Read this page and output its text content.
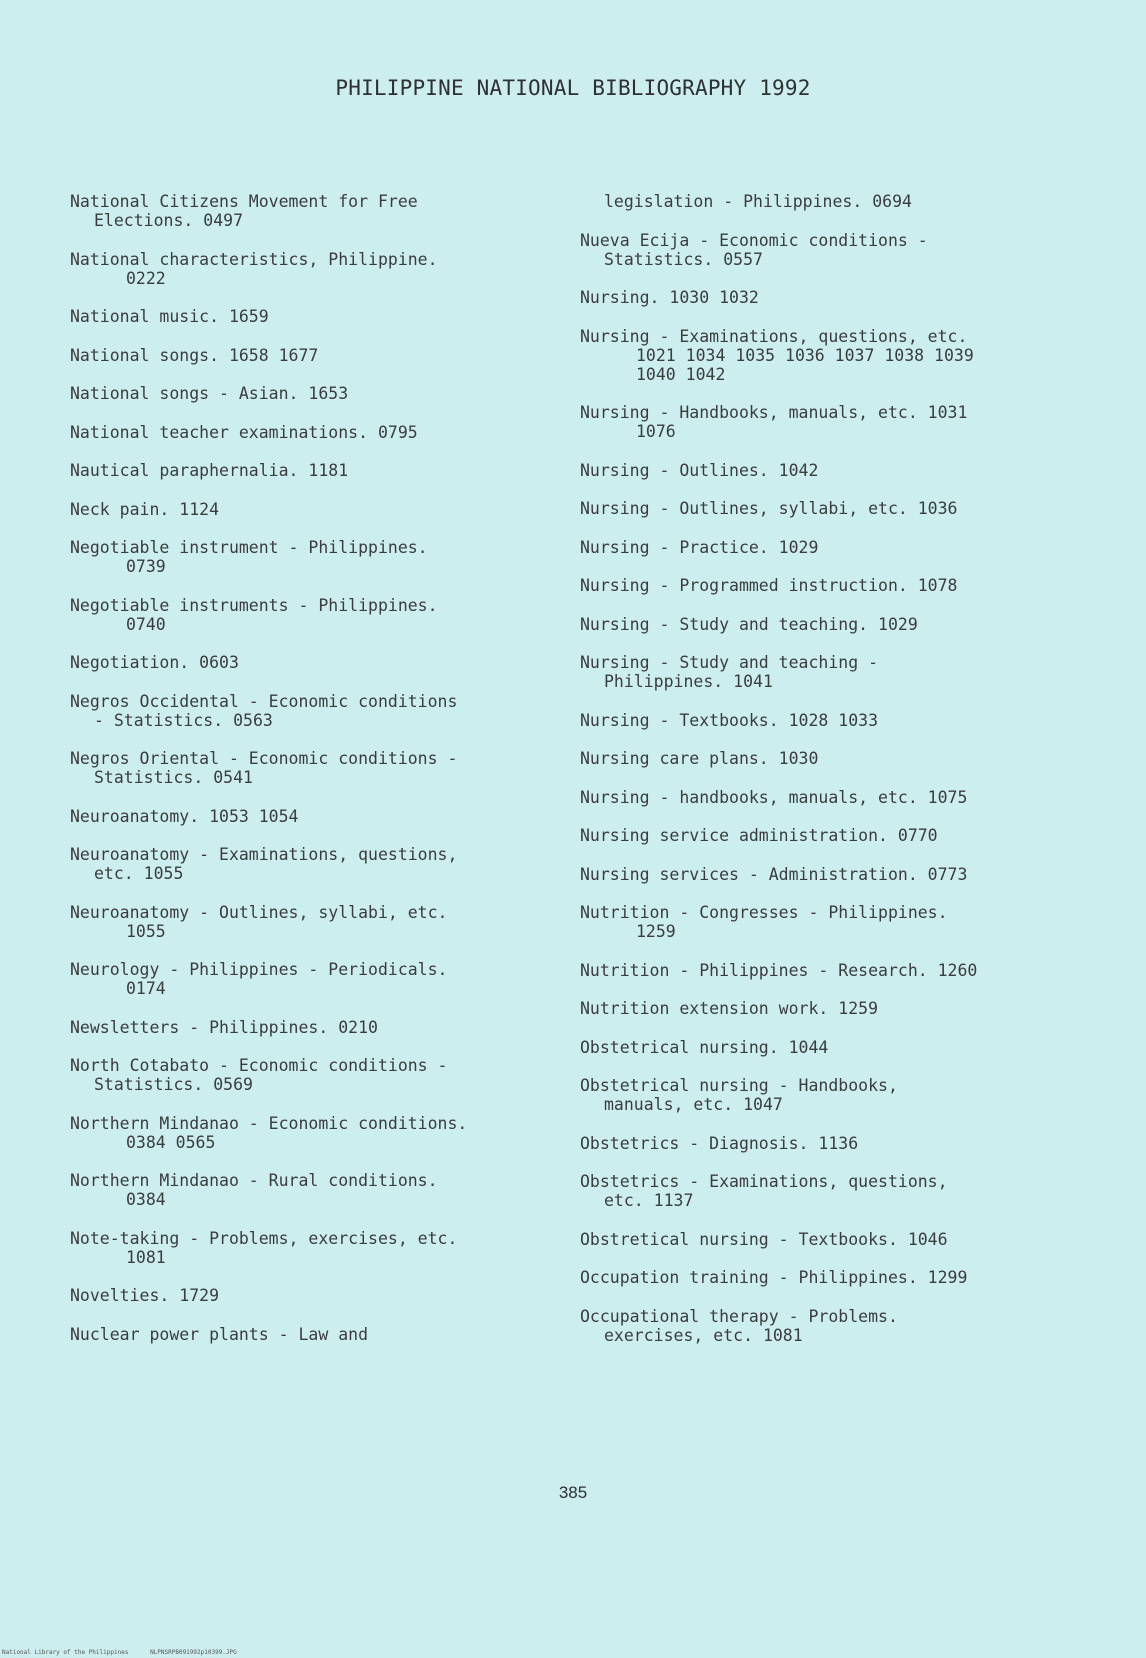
PHILIPPINE NATIONAL BIBLIOGRAPHY 1992
National Citizens Movement for Free
Elections. 0497
National characteristics, Philippine.
0222
National music. 1659
National songs. 1658 1677
National songs - Asian. 1653
National teacher examinations. 0795
Nautical paraphernalia. 1181
Neck pain. 1124
Negotiable instrument - Philippines.
0739
Negotiable instruments - Philippines.
0740
Negotiation. 0603
Negros Occidental - Economic conditions
- Statistics. 0563
Negros Oriental - Economic conditions -
Statistics. 0541
Neuroanatomy. 1053 1054
Neuroanatomy - Examinations, questions,
etc. 1055
Neuroanatomy - Outlines, syllabi, etc.
1055
Neurology - Philippines - Periodicals.
0174
Newsletters - Philippines. 0210
North Cotabato - Economic conditions -
Statistics. 0569
Northern Mindanao - Economic conditions.
0384 0565
Northern Mindanao - Rural conditions.
0384
Note-taking - Problems, exercises, etc.
1081
Novelties. 1729
Nuclear power plants - Law and
legislation - Philippines. 0694
Nueva Ecija - Economic conditions -
Statistics. 0557
Nursing. 1030 1032
Nursing - Examinations, questions, etc.
1021 1034 1035 1036 1037 1038 1039
1040 1042
Nursing - Handbooks, manuals, etc. 1031
1076
Nursing - Outlines. 1042
Nursing - Outlines, syllabi, etc. 1036
Nursing - Practice. 1029
Nursing - Programmed instruction. 1078
Nursing - Study and teaching. 1029
Nursing - Study and teaching -
Philippines. 1041
Nursing - Textbooks. 1028 1033
Nursing care plans. 1030
Nursing - handbooks, manuals, etc. 1075
Nursing service administration. 0770
Nursing services - Administration. 0773
Nutrition - Congresses - Philippines.
1259
Nutrition - Philippines - Research. 1260
Nutrition extension work. 1259
Obstetrical nursing. 1044
Obstetrical nursing - Handbooks,
manuals, etc. 1047
Obstetrics - Diagnosis. 1136
Obstetrics - Examinations, questions,
etc. 1137
Obstretical nursing - Textbooks. 1046
Occupation training - Philippines. 1299
Occupational therapy - Problems.
exercises, etc. 1081
385
National Library of the Philippines	NLPNSRPB091992p10399.JPG
